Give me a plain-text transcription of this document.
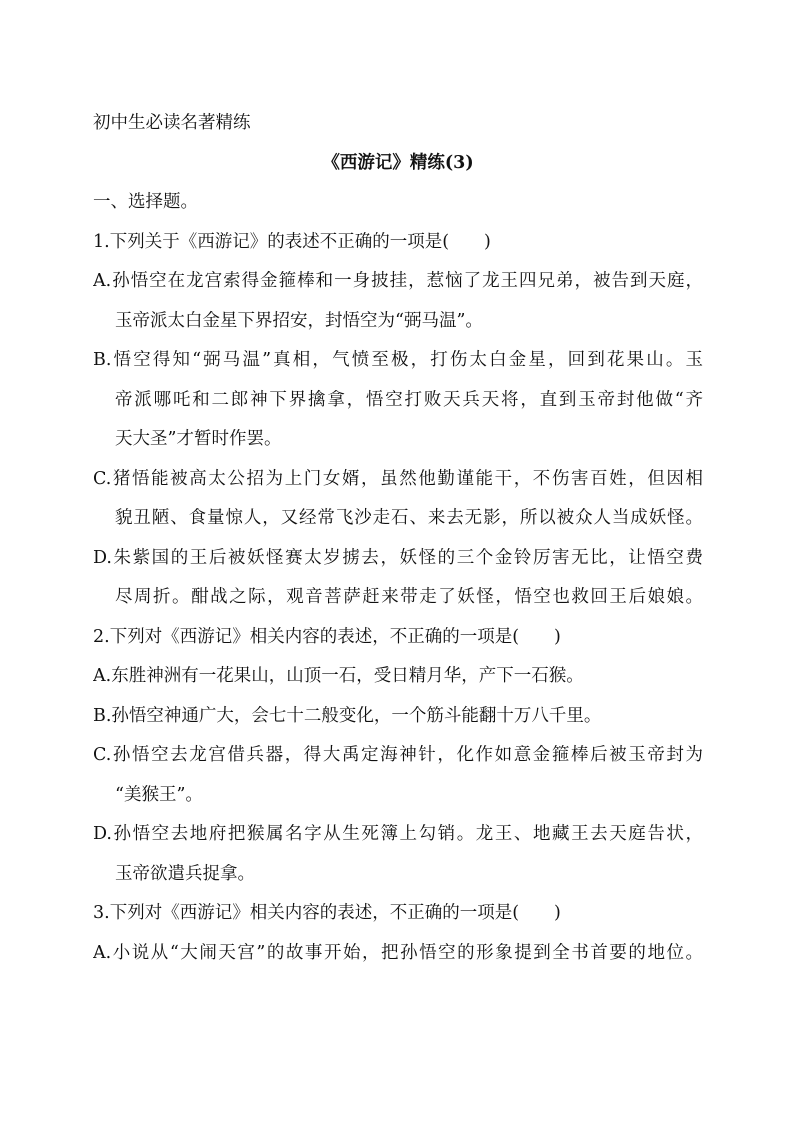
初中生必读名著精练
《西游记》精练(3)
一、选择题。
1.下列关于《西游记》的表述不正确的一项是(　　)
A.孙悟空在龙宫索得金箍棒和一身披挂，惹恼了龙王四兄弟，被告到天庭，
玉帝派太白金星下界招安，封悟空为“弼马温”。
B.悟空得知“弼马温”真相，气愤至极，打伤太白金星，回到花果山。玉
帝派哪吒和二郎神下界擒拿，悟空打败天兵天将，直到玉帝封他做“齐
天大圣”才暂时作罢。
C.猪悟能被高太公招为上门女婿，虽然他勤谨能干，不伤害百姓，但因相
貌丑陋、食量惊人，又经常飞沙走石、来去无影，所以被众人当成妖怪。
D.朱紫国的王后被妖怪赛太岁掳去，妖怪的三个金铃厉害无比，让悟空费
尽周折。酣战之际，观音菩萨赶来带走了妖怪，悟空也救回王后娘娘。
2.下列对《西游记》相关内容的表述，不正确的一项是(　　)
A.东胜神洲有一花果山，山顶一石，受日精月华，产下一石猴。
B.孙悟空神通广大，会七十二般变化，一个筋斗能翻十万八千里。
C.孙悟空去龙宫借兵器，得大禹定海神针，化作如意金箍棒后被玉帝封为
“美猴王”。
D.孙悟空去地府把猴属名字从生死簿上勾销。龙王、地藏王去天庭告状，
玉帝欲遣兵捉拿。
3.下列对《西游记》相关内容的表述，不正确的一项是(　　)
A.小说从“大闹天宫”的故事开始，把孙悟空的形象提到全书首要的地位。
